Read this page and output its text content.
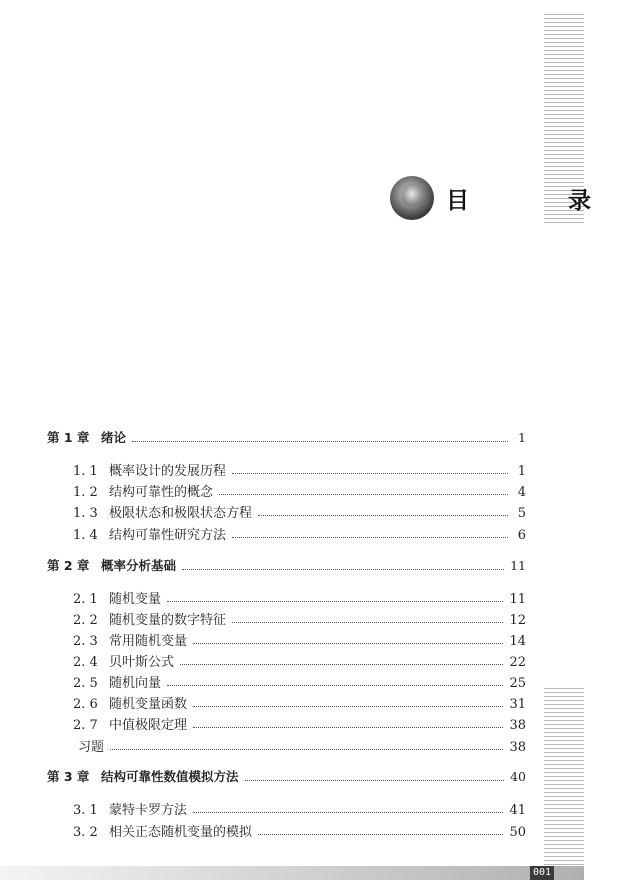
目　录
第 1 章 绪论	1
1. 1 概率设计的发展历程	1
1. 2 结构可靠性的概念	4
1. 3 极限状态和极限状态方程	5
1. 4 结构可靠性研究方法	6
第 2 章 概率分析基础	11
2. 1 随机变量	11
2. 2 随机变量的数字特征	12
2. 3 常用随机变量	14
2. 4 贝叶斯公式	22
2. 5 随机向量	25
2. 6 随机变量函数	31
2. 7 中值极限定理	38
习题	38
第 3 章 结构可靠性数值模拟方法	40
3. 1 蒙特卡罗方法	41
3. 2 相关正态随机变量的模拟	50
001
